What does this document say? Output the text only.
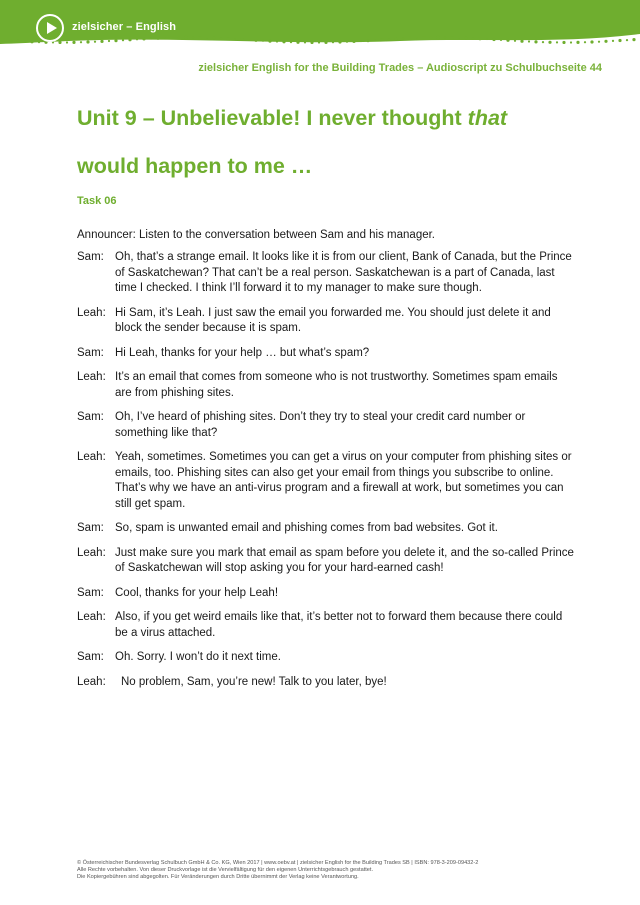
zielsicher – English
zielsicher English for the Building Trades – Audioscript zu Schulbuchseite 44
Unit 9 – Unbelievable! I never thought that
would happen to me …
Task 06
Announcer: Listen to the conversation between Sam and his manager.
Sam: Oh, that’s a strange email. It looks like it is from our client, Bank of Canada, but the Prince of Saskatchewan? That can’t be a real person. Saskatchewan is a part of Canada, last time I checked. I think I’ll forward it to my manager to make sure though.
Leah: Hi Sam, it’s Leah. I just saw the email you forwarded me. You should just delete it and block the sender because it is spam.
Sam: Hi Leah, thanks for your help … but what’s spam?
Leah: It’s an email that comes from someone who is not trustworthy. Sometimes spam emails are from phishing sites.
Sam: Oh, I’ve heard of phishing sites. Don’t they try to steal your credit card number or something like that?
Leah: Yeah, sometimes. Sometimes you can get a virus on your computer from phishing sites or emails, too. Phishing sites can also get your email from things you subscribe to online. That’s why we have an anti-virus program and a firewall at work, but sometimes you can still get spam.
Sam: So, spam is unwanted email and phishing comes from bad websites. Got it.
Leah: Just make sure you mark that email as spam before you delete it, and the so-called Prince of Saskatchewan will stop asking you for your hard-earned cash!
Sam: Cool, thanks for your help Leah!
Leah: Also, if you get weird emails like that, it’s better not to forward them because there could be a virus attached.
Sam: Oh. Sorry. I won’t do it next time.
Leah:	No problem, Sam, you’re new! Talk to you later, bye!
© Österreichischer Bundesverlag Schulbuch GmbH & Co. KG, Wien 2017 | www.oebv.at | zielsicher English for the Building Trades SB | ISBN: 978-3-209-09432-2
Alle Rechte vorbehalten. Von dieser Druckvorlage ist die Vervielfältigung für den eigenen Unterrichtsgebrauch gestattet.
Die Kopiergebühren sind abgegolten. Für Veränderungen durch Dritte übernimmt der Verlag keine Verantwortung.
